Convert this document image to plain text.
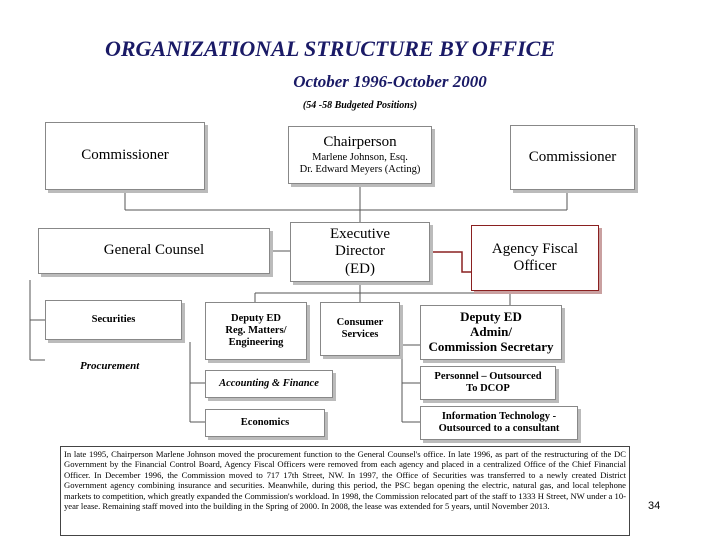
ORGANIZATIONAL STRUCTURE BY OFFICE
October 1996-October 2000
(54 -58 Budgeted Positions)
Commissioner
Chairperson
Marlene Johnson, Esq.
Dr. Edward Meyers (Acting)
Commissioner
General Counsel
Executive
Director
(ED)
Agency Fiscal
Officer
Securities
Procurement
Deputy ED
Reg. Matters/
Engineering
Consumer
Services
Deputy ED
Admin/
Commission Secretary
Accounting & Finance
Personnel – Outsourced
To DCOP
Economics
Information Technology -
Outsourced to a consultant
In late 1995, Chairperson Marlene Johnson moved the procurement function to the General Counsel's office. In late 1996, as part of the restructuring of the DC Government by the Financial Control Board, Agency Fiscal Officers were removed from each agency and placed in a centralized Office of the Chief Financial Officer. In December 1996, the Commission moved to 717 17th Street, NW. In 1997, the Office of Securities was transferred to a newly created District Government agency combining insurance and securities. Meanwhile, during this period, the PSC began opening the electric, natural gas, and local telephone markets to competition, which greatly expanded the Commission's workload. In 1998, the Commission relocated part of the staff to 1333 H Street, NW under a 10-year lease. Remaining staff moved into the building in the Spring of 2000. In 2008, the lease was extended for 5 years, until November 2013.	34
